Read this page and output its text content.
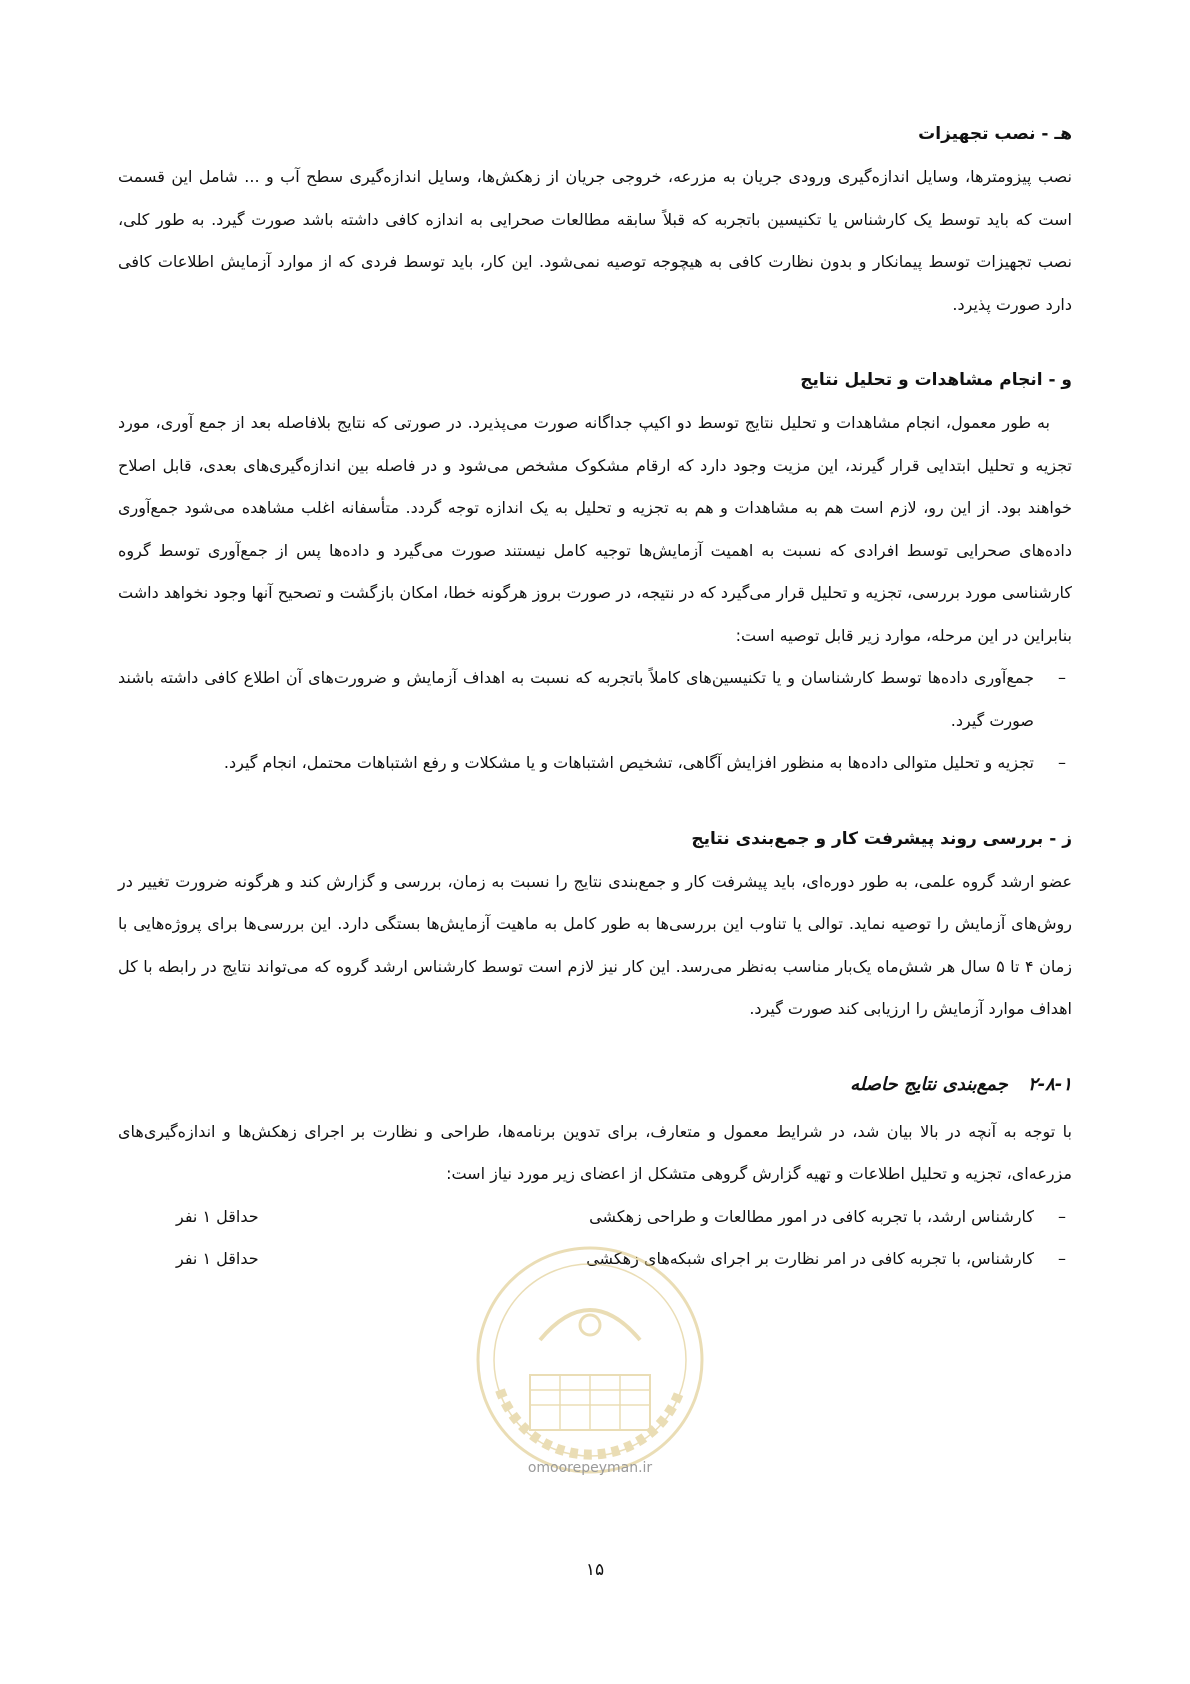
هـ - نصب تجهیزات

نصب پیزومترها، وسایل اندازه‌گیری ورودی جریان به مزرعه، خروجی جریان از زهکش‌ها، وسایل اندازه‌گیری سطح آب و ... شامل این قسمت است که باید توسط یک کارشناس یا تکنیسین باتجربه که قبلاً سابقه مطالعات صحرایی به اندازه کافی داشته باشد صورت گیرد. به طور کلی، نصب تجهیزات توسط پیمانکار و بدون نظارت کافی به هیچوجه توصیه نمی‌شود. این کار، باید توسط فردی که از موارد آزمایش اطلاعات کافی دارد صورت پذیرد.

و - انجام مشاهدات و تحلیل نتایج

به طور معمول، انجام مشاهدات و تحلیل نتایج توسط دو اکیپ جداگانه صورت می‌پذیرد. در صورتی که نتایج بلافاصله بعد از جمع آوری، مورد تجزیه و تحلیل ابتدایی قرار گیرند، این مزیت وجود دارد که ارقام مشکوک مشخص می‌شود و در فاصله بین اندازه‌گیری‌های بعدی، قابل اصلاح خواهند بود. از این رو، لازم است هم به مشاهدات و هم به تجزیه و تحلیل به یک اندازه توجه گردد. متأسفانه اغلب مشاهده می‌شود جمع‌آوری داده‌های صحرایی توسط افرادی که نسبت به اهمیت آزمایش‌ها توجیه کامل نیستند صورت می‌گیرد و داده‌ها پس از جمع‌آوری توسط گروه کارشناسی مورد بررسی، تجزیه و تحلیل قرار می‌گیرد که در نتیجه، در صورت بروز هرگونه خطا، امکان بازگشت و تصحیح آنها وجود نخواهد داشت بنابراین در این مرحله، موارد زیر قابل توصیه است:

–
جمع‌آوری داده‌ها توسط کارشناسان و یا تکنیسین‌های کاملاً باتجربه که نسبت به اهداف آزمایش و ضرورت‌های آن اطلاع کافی داشته باشند صورت گیرد.
–
تجزیه و تحلیل متوالی داده‌ها به منظور افزایش آگاهی، تشخیص اشتباهات و یا مشکلات و رفع اشتباهات محتمل، انجام گیرد.
ز - بررسی روند پیشرفت کار و جمع‌بندی نتایج

عضو ارشد گروه علمی، به طور دوره‌ای، باید پیشرفت کار و جمع‌بندی نتایج را نسبت به زمان، بررسی و گزارش کند و هرگونه ضرورت تغییر در روش‌های آزمایش را توصیه نماید. توالی یا تناوب این بررسی‌ها به طور کامل به ماهیت آزمایش‌ها بستگی دارد. این بررسی‌ها برای پروژه‌هایی با زمان ۴ تا ۵ سال هر شش‌ماه یک‌بار مناسب به‌نظر می‌رسد. این کار نیز لازم است توسط کارشناس ارشد گروه که می‌تواند نتایج در رابطه با کل اهداف موارد آزمایش را ارزیابی کند صورت گیرد.

۲-۸-۱ جمع‌بندی نتایج حاصله

با توجه به آنچه در بالا بیان شد، در شرایط معمول و متعارف، برای تدوین برنامه‌ها، طراحی و نظارت بر اجرای زهکش‌ها و اندازه‌گیری‌های مزرعه‌ای، تجزیه و تحلیل اطلاعات و تهیه گزارش گروهی متشکل از اعضای زیر مورد نیاز است:

–
کارشناس ارشد، با تجربه کافی در امور مطالعات و طراحی زهکشی
حداقل ۱ نفر
–
کارشناس، با تجربه کافی در امر نظارت بر اجرای شبکه‌های زهکشی
حداقل ۱ نفر
omoorepeyman.ir
۱۵
